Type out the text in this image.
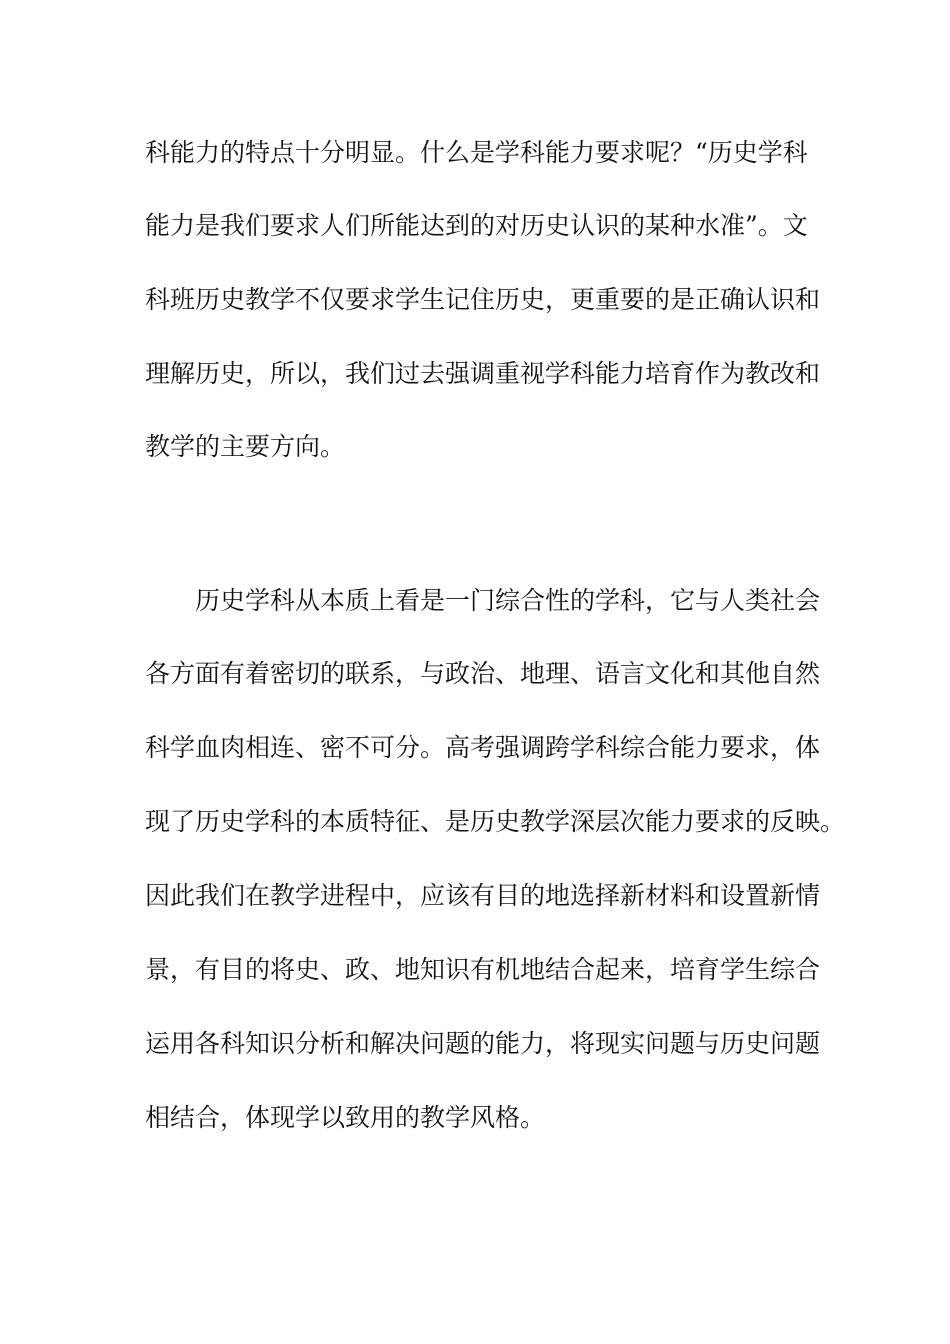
科能力的特点十分明显。什么是学科能力要求呢？“历史学科
能力是我们要求人们所能达到的对历史认识的某种水准”。文
科班历史教学不仅要求学生记住历史，更重要的是正确认识和
理解历史，所以，我们过去强调重视学科能力培育作为教改和
教学的主要方向。
历史学科从本质上看是一门综合性的学科，它与人类社会
各方面有着密切的联系，与政治、地理、语言文化和其他自然
科学血肉相连、密不可分。高考强调跨学科综合能力要求，体
现了历史学科的本质特征、是历史教学深层次能力要求的反映。
因此我们在教学进程中，应该有目的地选择新材料和设置新情
景，有目的将史、政、地知识有机地结合起来，培育学生综合
运用各科知识分析和解决问题的能力，将现实问题与历史问题
相结合，体现学以致用的教学风格。
